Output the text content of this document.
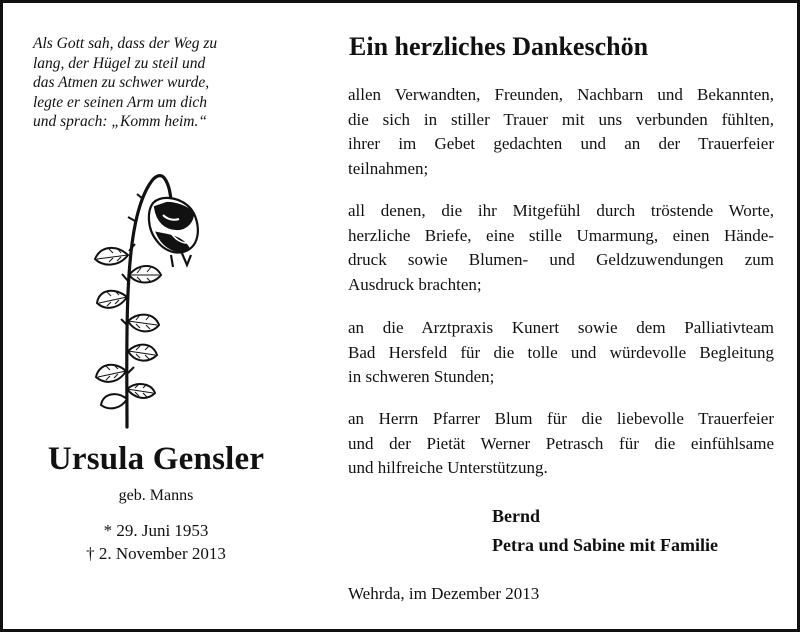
Als Gott sah, dass der Weg zu
lang, der Hügel zu steil und
das Atmen zu schwer wurde,
legte er seinen Arm um dich
und sprach: „Komm heim.“
Ursula Gensler
geb. Manns
* 29. Juni 1953
† 2. November 2013
Ein herzliches Dankeschön
allen Verwandten, Freunden, Nachbarn und Bekannten,
die sich in stiller Trauer mit uns verbunden fühlten,
ihrer im Gebet gedachten und an der Trauerfeier
teilnahmen;
all denen, die ihr Mitgefühl durch tröstende Worte,
herzliche Briefe, eine stille Umarmung, einen Hände-
druck sowie Blumen- und Geldzuwendungen zum
Ausdruck brachten;
an die Arztpraxis Kunert sowie dem Palliativteam
Bad Hersfeld für die tolle und würdevolle Begleitung
in schweren Stunden;
an Herrn Pfarrer Blum für die liebevolle Trauerfeier
und der Pietät Werner Petrasch für die einfühlsame
und hilfreiche Unterstützung.
Bernd
Petra und Sabine mit Familie
Wehrda, im Dezember 2013
